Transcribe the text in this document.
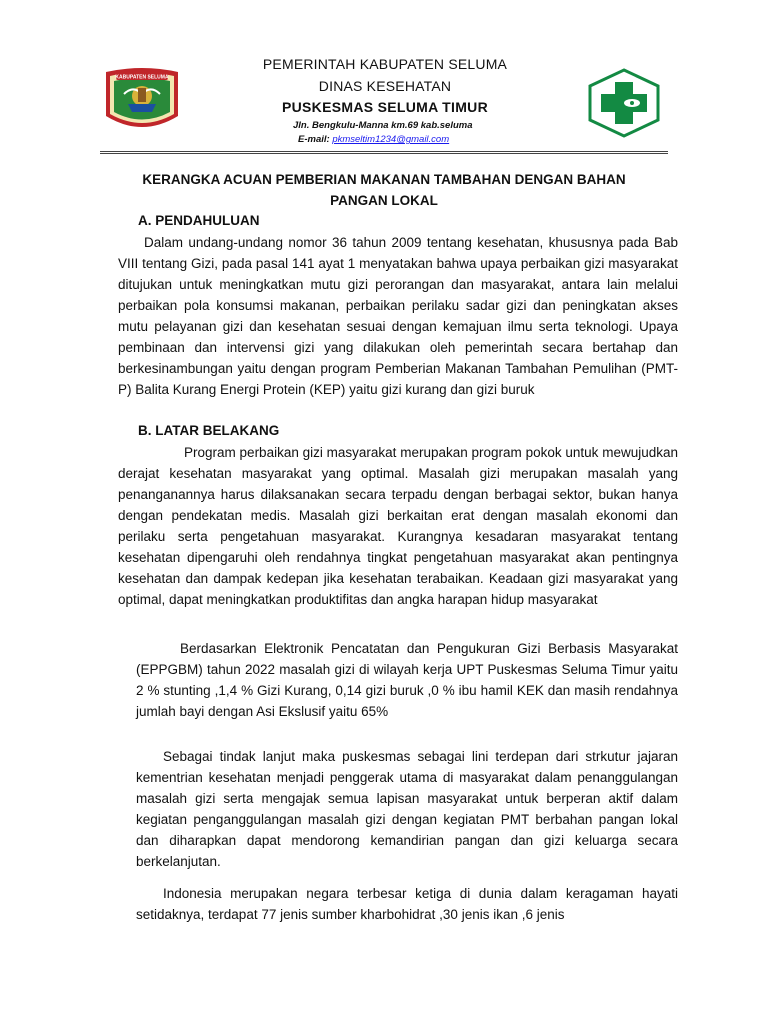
KABUPATEN SELUMA
PEMERINTAH KABUPATEN SELUMA
DINAS KESEHATAN
PUSKESMAS SELUMA TIMUR
Jln. Bengkulu-Manna km.69 kab.seluma
E-mail: pkmseltim1234@gmail.com
KERANGKA ACUAN PEMBERIAN MAKANAN TAMBAHAN DENGAN BAHAN
PANGAN LOKAL
A. PENDAHULUAN

Dalam undang-undang nomor 36 tahun 2009 tentang kesehatan, khususnya pada Bab VIII tentang Gizi, pada pasal 141 ayat 1 menyatakan bahwa upaya perbaikan gizi masyarakat ditujukan untuk meningkatkan mutu gizi perorangan dan masyarakat, antara lain melalui perbaikan pola konsumsi makanan, perbaikan perilaku sadar gizi dan peningkatan akses mutu pelayanan gizi dan kesehatan sesuai dengan kemajuan ilmu serta teknologi. Upaya pembinaan dan intervensi gizi yang dilakukan oleh pemerintah secara bertahap dan berkesinambungan yaitu dengan program Pemberian Makanan Tambahan Pemulihan (PMT-P) Balita Kurang Energi Protein (KEP) yaitu gizi kurang dan gizi buruk

B. LATAR BELAKANG

Program perbaikan gizi masyarakat merupakan program pokok untuk mewujudkan derajat kesehatan masyarakat yang optimal. Masalah gizi merupakan masalah yang penanganannya harus dilaksanakan secara terpadu dengan berbagai sektor, bukan hanya dengan pendekatan medis. Masalah gizi berkaitan erat dengan masalah ekonomi dan perilaku serta pengetahuan masyarakat. Kurangnya kesadaran masyarakat tentang kesehatan dipengaruhi oleh rendahnya tingkat pengetahuan masyarakat akan pentingnya kesehatan dan dampak kedepan jika kesehatan terabaikan. Keadaan gizi masyarakat yang optimal, dapat meningkatkan produktifitas dan angka harapan hidup masyarakat

Berdasarkan Elektronik Pencatatan dan Pengukuran Gizi Berbasis Masyarakat (EPPGBM) tahun 2022 masalah gizi di wilayah kerja UPT Puskesmas Seluma Timur yaitu 2 % stunting ,1,4 % Gizi Kurang, 0,14 gizi buruk ,0 % ibu hamil KEK dan masih rendahnya jumlah bayi dengan Asi Ekslusif yaitu 65%

Sebagai tindak lanjut maka puskesmas sebagai lini terdepan dari strkutur jajaran kementrian kesehatan menjadi penggerak utama di masyarakat dalam penanggulangan masalah gizi serta mengajak semua lapisan masyarakat untuk berperan aktif dalam kegiatan penganggulangan masalah gizi dengan kegiatan PMT berbahan pangan lokal dan diharapkan dapat mendorong kemandirian pangan dan gizi keluarga secara berkelanjutan.

Indonesia merupakan negara terbesar ketiga di dunia dalam keragaman hayati setidaknya, terdapat 77 jenis sumber kharbohidrat ,30 jenis ikan ,6 jenis
